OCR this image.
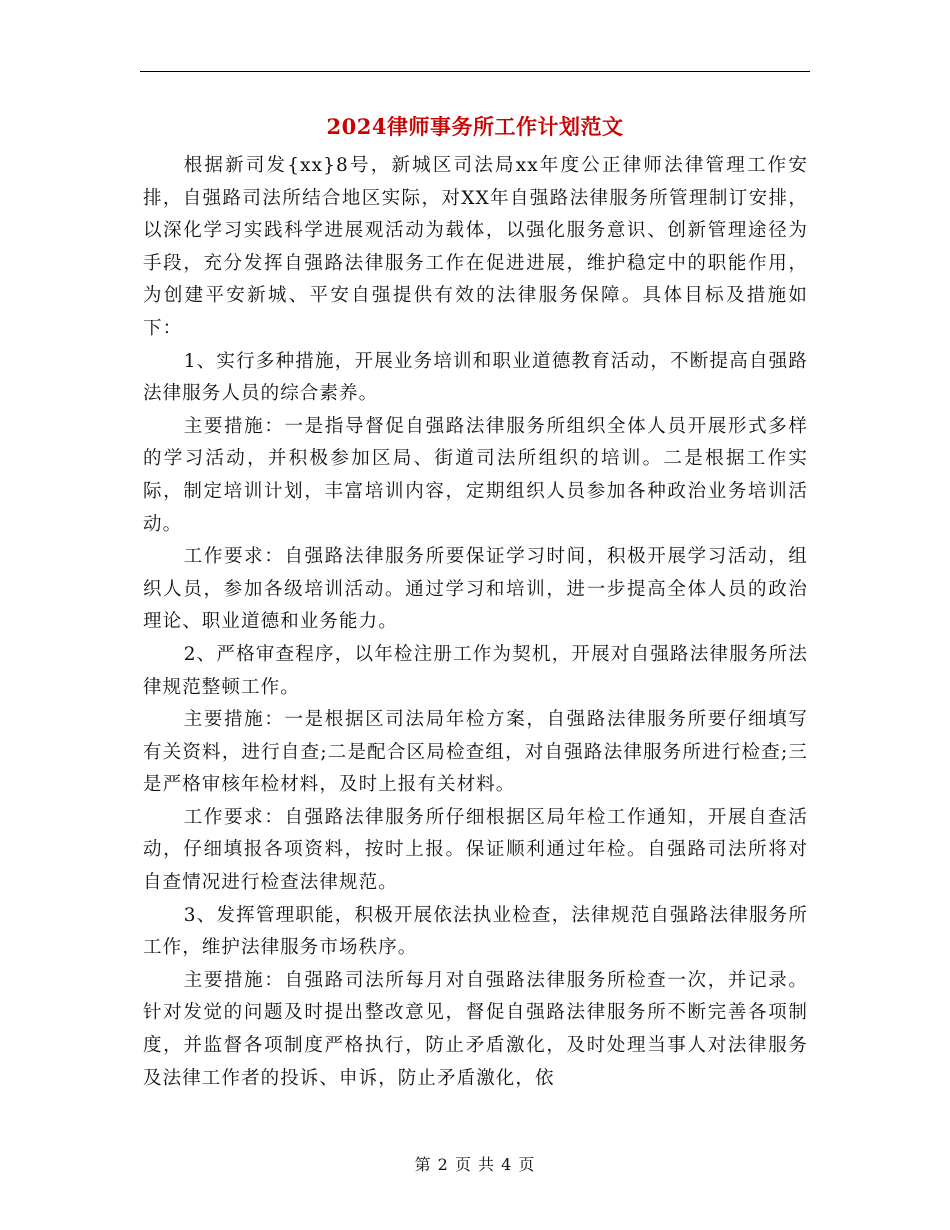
2024律师事务所工作计划范文

根据新司发{xx}8号，新城区司法局xx年度公正律师法律管理工作安排，自强路司法所结合地区实际，对XX年自强路法律服务所管理制订安排，以深化学习实践科学进展观活动为载体，以强化服务意识、创新管理途径为手段，充分发挥自强路法律服务工作在促进进展，维护稳定中的职能作用，为创建平安新城、平安自强提供有效的法律服务保障。具体目标及措施如下：

1、实行多种措施，开展业务培训和职业道德教育活动，不断提高自强路法律服务人员的综合素养。

主要措施：一是指导督促自强路法律服务所组织全体人员开展形式多样的学习活动，并积极参加区局、街道司法所组织的培训。二是根据工作实际，制定培训计划，丰富培训内容，定期组织人员参加各种政治业务培训活动。

工作要求：自强路法律服务所要保证学习时间，积极开展学习活动，组织人员，参加各级培训活动。通过学习和培训，进一步提高全体人员的政治理论、职业道德和业务能力。

2、严格审查程序，以年检注册工作为契机，开展对自强路法律服务所法律规范整顿工作。

主要措施：一是根据区司法局年检方案，自强路法律服务所要仔细填写有关资料，进行自查;二是配合区局检查组，对自强路法律服务所进行检查;三是严格审核年检材料，及时上报有关材料。

工作要求：自强路法律服务所仔细根据区局年检工作通知，开展自查活动，仔细填报各项资料，按时上报。保证顺利通过年检。自强路司法所将对自查情况进行检查法律规范。

3、发挥管理职能，积极开展依法执业检查，法律规范自强路法律服务所工作，维护法律服务市场秩序。

主要措施：自强路司法所每月对自强路法律服务所检查一次，并记录。针对发觉的问题及时提出整改意见，督促自强路法律服务所不断完善各项制度，并监督各项制度严格执行，防止矛盾激化，及时处理当事人对法律服务及法律工作者的投诉、申诉，防止矛盾激化，依

第 2 页 共 4 页
